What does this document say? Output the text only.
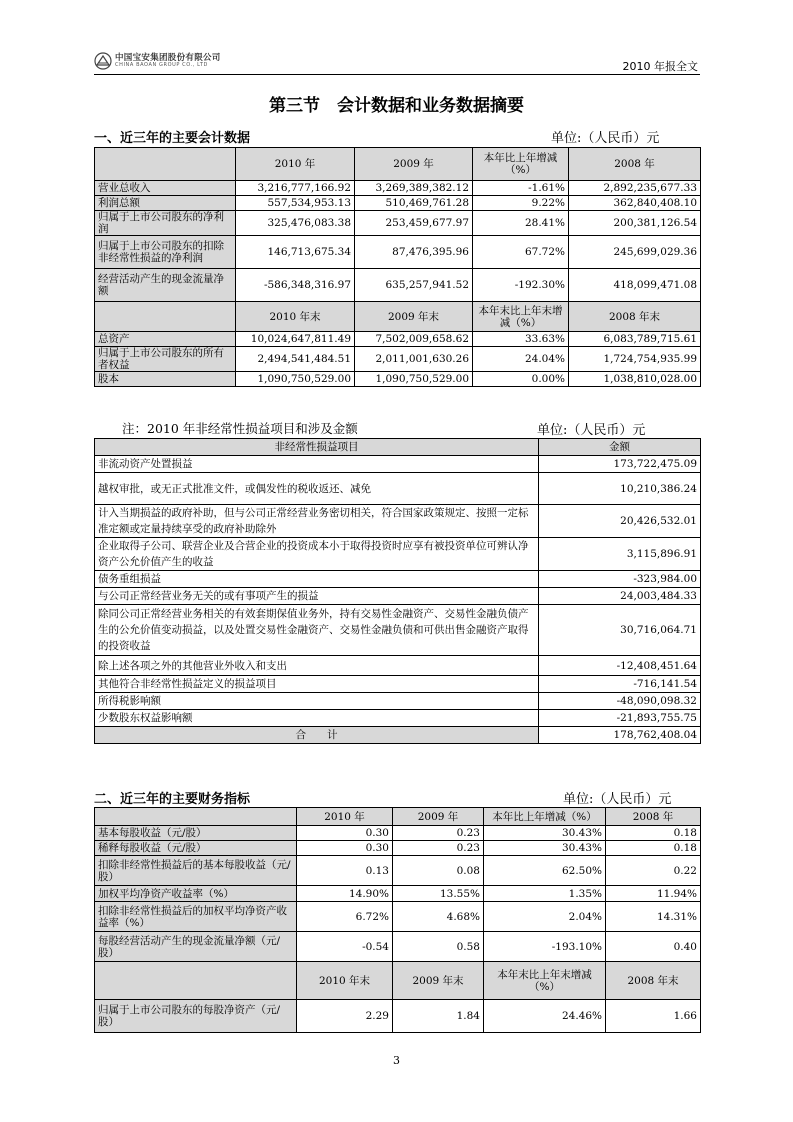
中国宝安集团股份有限公司
CHINA BAOAN GROUP CO., LTD	2010 年报全文
第三节　会计数据和业务数据摘要
一、近三年的主要会计数据	单位:（人民币）元
	2010 年	2009 年	本年比上年增减（%）	2008 年
营业总收入	3,216,777,166.92	3,269,389,382.12	-1.61%	2,892,235,677.33
利润总额	557,534,953.13	510,469,761.28	9.22%	362,840,408.10
归属于上市公司股东的净利润	325,476,083.38	253,459,677.97	28.41%	200,381,126.54
归属于上市公司股东的扣除非经常性损益的净利润	146,713,675.34	87,476,395.96	67.72%	245,699,029.36
经营活动产生的现金流量净额	-586,348,316.97	635,257,941.52	-192.30%	418,099,471.08
	2010 年末	2009 年末	本年末比上年末增减（%）	2008 年末
总资产	10,024,647,811.49	7,502,009,658.62	33.63%	6,083,789,715.61
归属于上市公司股东的所有者权益	2,494,541,484.51	2,011,001,630.26	24.04%	1,724,754,935.99
股本	1,090,750,529.00	1,090,750,529.00	0.00%	1,038,810,028.00
注：2010 年非经常性损益项目和涉及金额	单位:（人民币）元
非经常性损益项目	金额
非流动资产处置损益	173,722,475.09
越权审批，或无正式批准文件，或偶发性的税收返还、减免	10,210,386.24
计入当期损益的政府补助，但与公司正常经营业务密切相关，符合国家政策规定、按照一定标准定额或定量持续享受的政府补助除外	20,426,532.01
企业取得子公司、联营企业及合营企业的投资成本小于取得投资时应享有被投资单位可辨认净资产公允价值产生的收益	3,115,896.91
债务重组损益	-323,984.00
与公司正常经营业务无关的或有事项产生的损益	24,003,484.33
除同公司正常经营业务相关的有效套期保值业务外，持有交易性金融资产、交易性金融负债产生的公允价值变动损益，以及处置交易性金融资产、交易性金融负债和可供出售金融资产取得的投资收益	30,716,064.71
除上述各项之外的其他营业外收入和支出	-12,408,451.64
其他符合非经常性损益定义的损益项目	-716,141.54
所得税影响额	-48,090,098.32
少数股东权益影响额	-21,893,755.75
合　　计	178,762,408.04
二、近三年的主要财务指标	单位:（人民币）元
	2010 年	2009 年	本年比上年增减（%）	2008 年
基本每股收益（元/股）	0.30	0.23	30.43%	0.18
稀释每股收益（元/股）	0.30	0.23	30.43%	0.18
扣除非经常性损益后的基本每股收益（元/股）	0.13	0.08	62.50%	0.22
加权平均净资产收益率（%）	14.90%	13.55%	1.35%	11.94%
扣除非经常性损益后的加权平均净资产收益率（%）	6.72%	4.68%	2.04%	14.31%
每股经营活动产生的现金流量净额（元/股）	-0.54	0.58	-193.10%	0.40
	2010 年末	2009 年末	本年末比上年末增减（%）	2008 年末
归属于上市公司股东的每股净资产（元/股）	2.29	1.84	24.46%	1.66
3
